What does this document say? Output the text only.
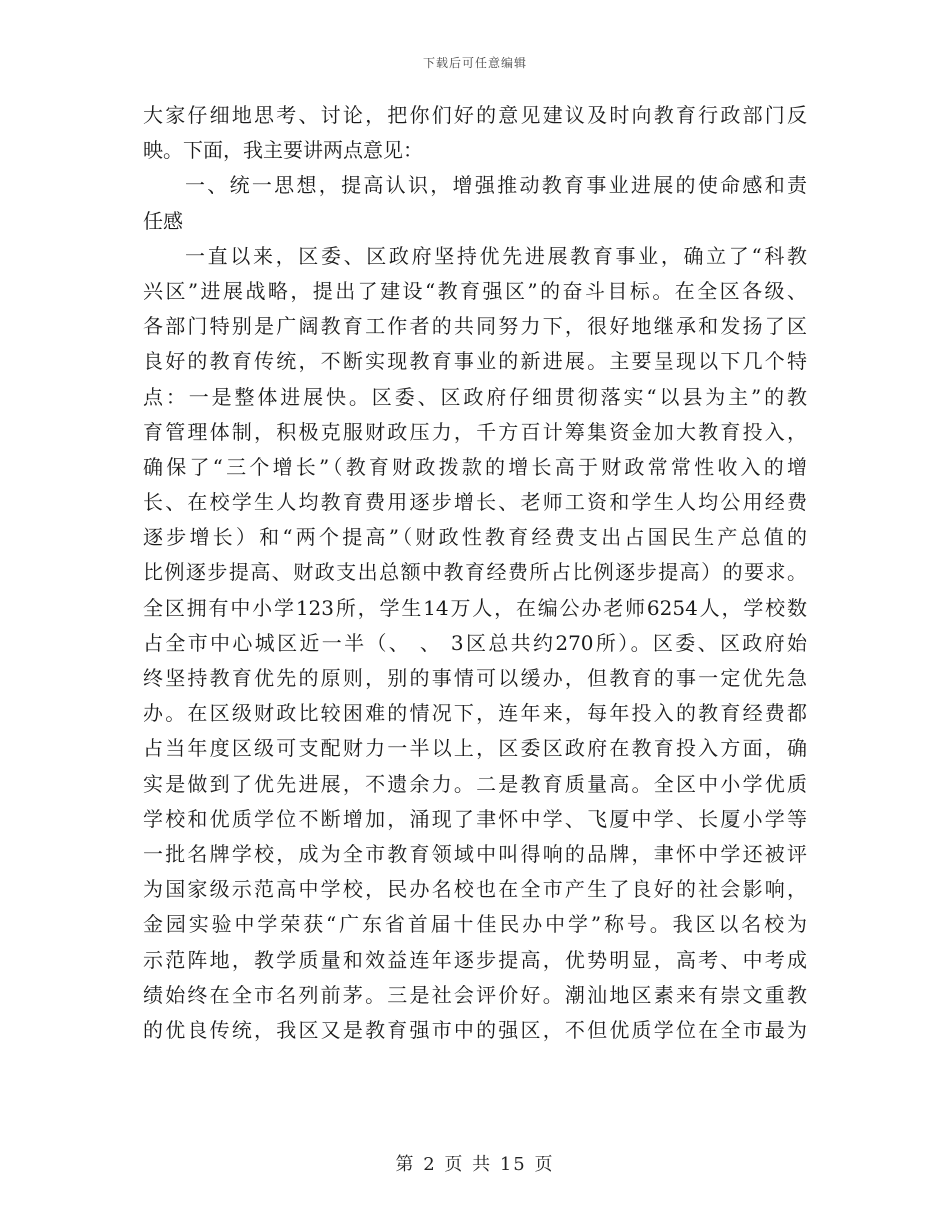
下载后可任意编辑
大家仔细地思考、讨论，把你们好的意见建议及时向教育行政部门反
映。下面，我主要讲两点意见：
一、统一思想，提高认识，增强推动教育事业进展的使命感和责
任感
一直以来，区委、区政府坚持优先进展教育事业，确立了“科教
兴区”进展战略，提出了建设“教育强区”的奋斗目标。在全区各级、
各部门特别是广阔教育工作者的共同努力下，很好地继承和发扬了区
良好的教育传统，不断实现教育事业的新进展。主要呈现以下几个特
点：一是整体进展快。区委、区政府仔细贯彻落实“以县为主”的教
育管理体制，积极克服财政压力，千方百计筹集资金加大教育投入，
确保了“三个增长”（教育财政拨款的增长高于财政常常性收入的增
长、在校学生人均教育费用逐步增长、老师工资和学生人均公用经费
逐步增长）和“两个提高”（财政性教育经费支出占国民生产总值的
比例逐步提高、财政支出总额中教育经费所占比例逐步提高）的要求。
全区拥有中小学123所，学生14万人，在编公办老师6254人，学校数
占全市中心城区近一半（、 、 3区总共约270所）。区委、区政府始
终坚持教育优先的原则，别的事情可以缓办，但教育的事一定优先急
办。在区级财政比较困难的情况下，连年来，每年投入的教育经费都
占当年度区级可支配财力一半以上，区委区政府在教育投入方面，确
实是做到了优先进展，不遗余力。二是教育质量高。全区中小学优质
学校和优质学位不断增加，涌现了聿怀中学、飞厦中学、长厦小学等
一批名牌学校，成为全市教育领域中叫得响的品牌，聿怀中学还被评
为国家级示范高中学校，民办名校也在全市产生了良好的社会影响，
金园实验中学荣获“广东省首届十佳民办中学”称号。我区以名校为
示范阵地，教学质量和效益连年逐步提高，优势明显，高考、中考成
绩始终在全市名列前茅。三是社会评价好。潮汕地区素来有崇文重教
的优良传统，我区又是教育强市中的强区，不但优质学位在全市最为
第 2 页 共 15 页
